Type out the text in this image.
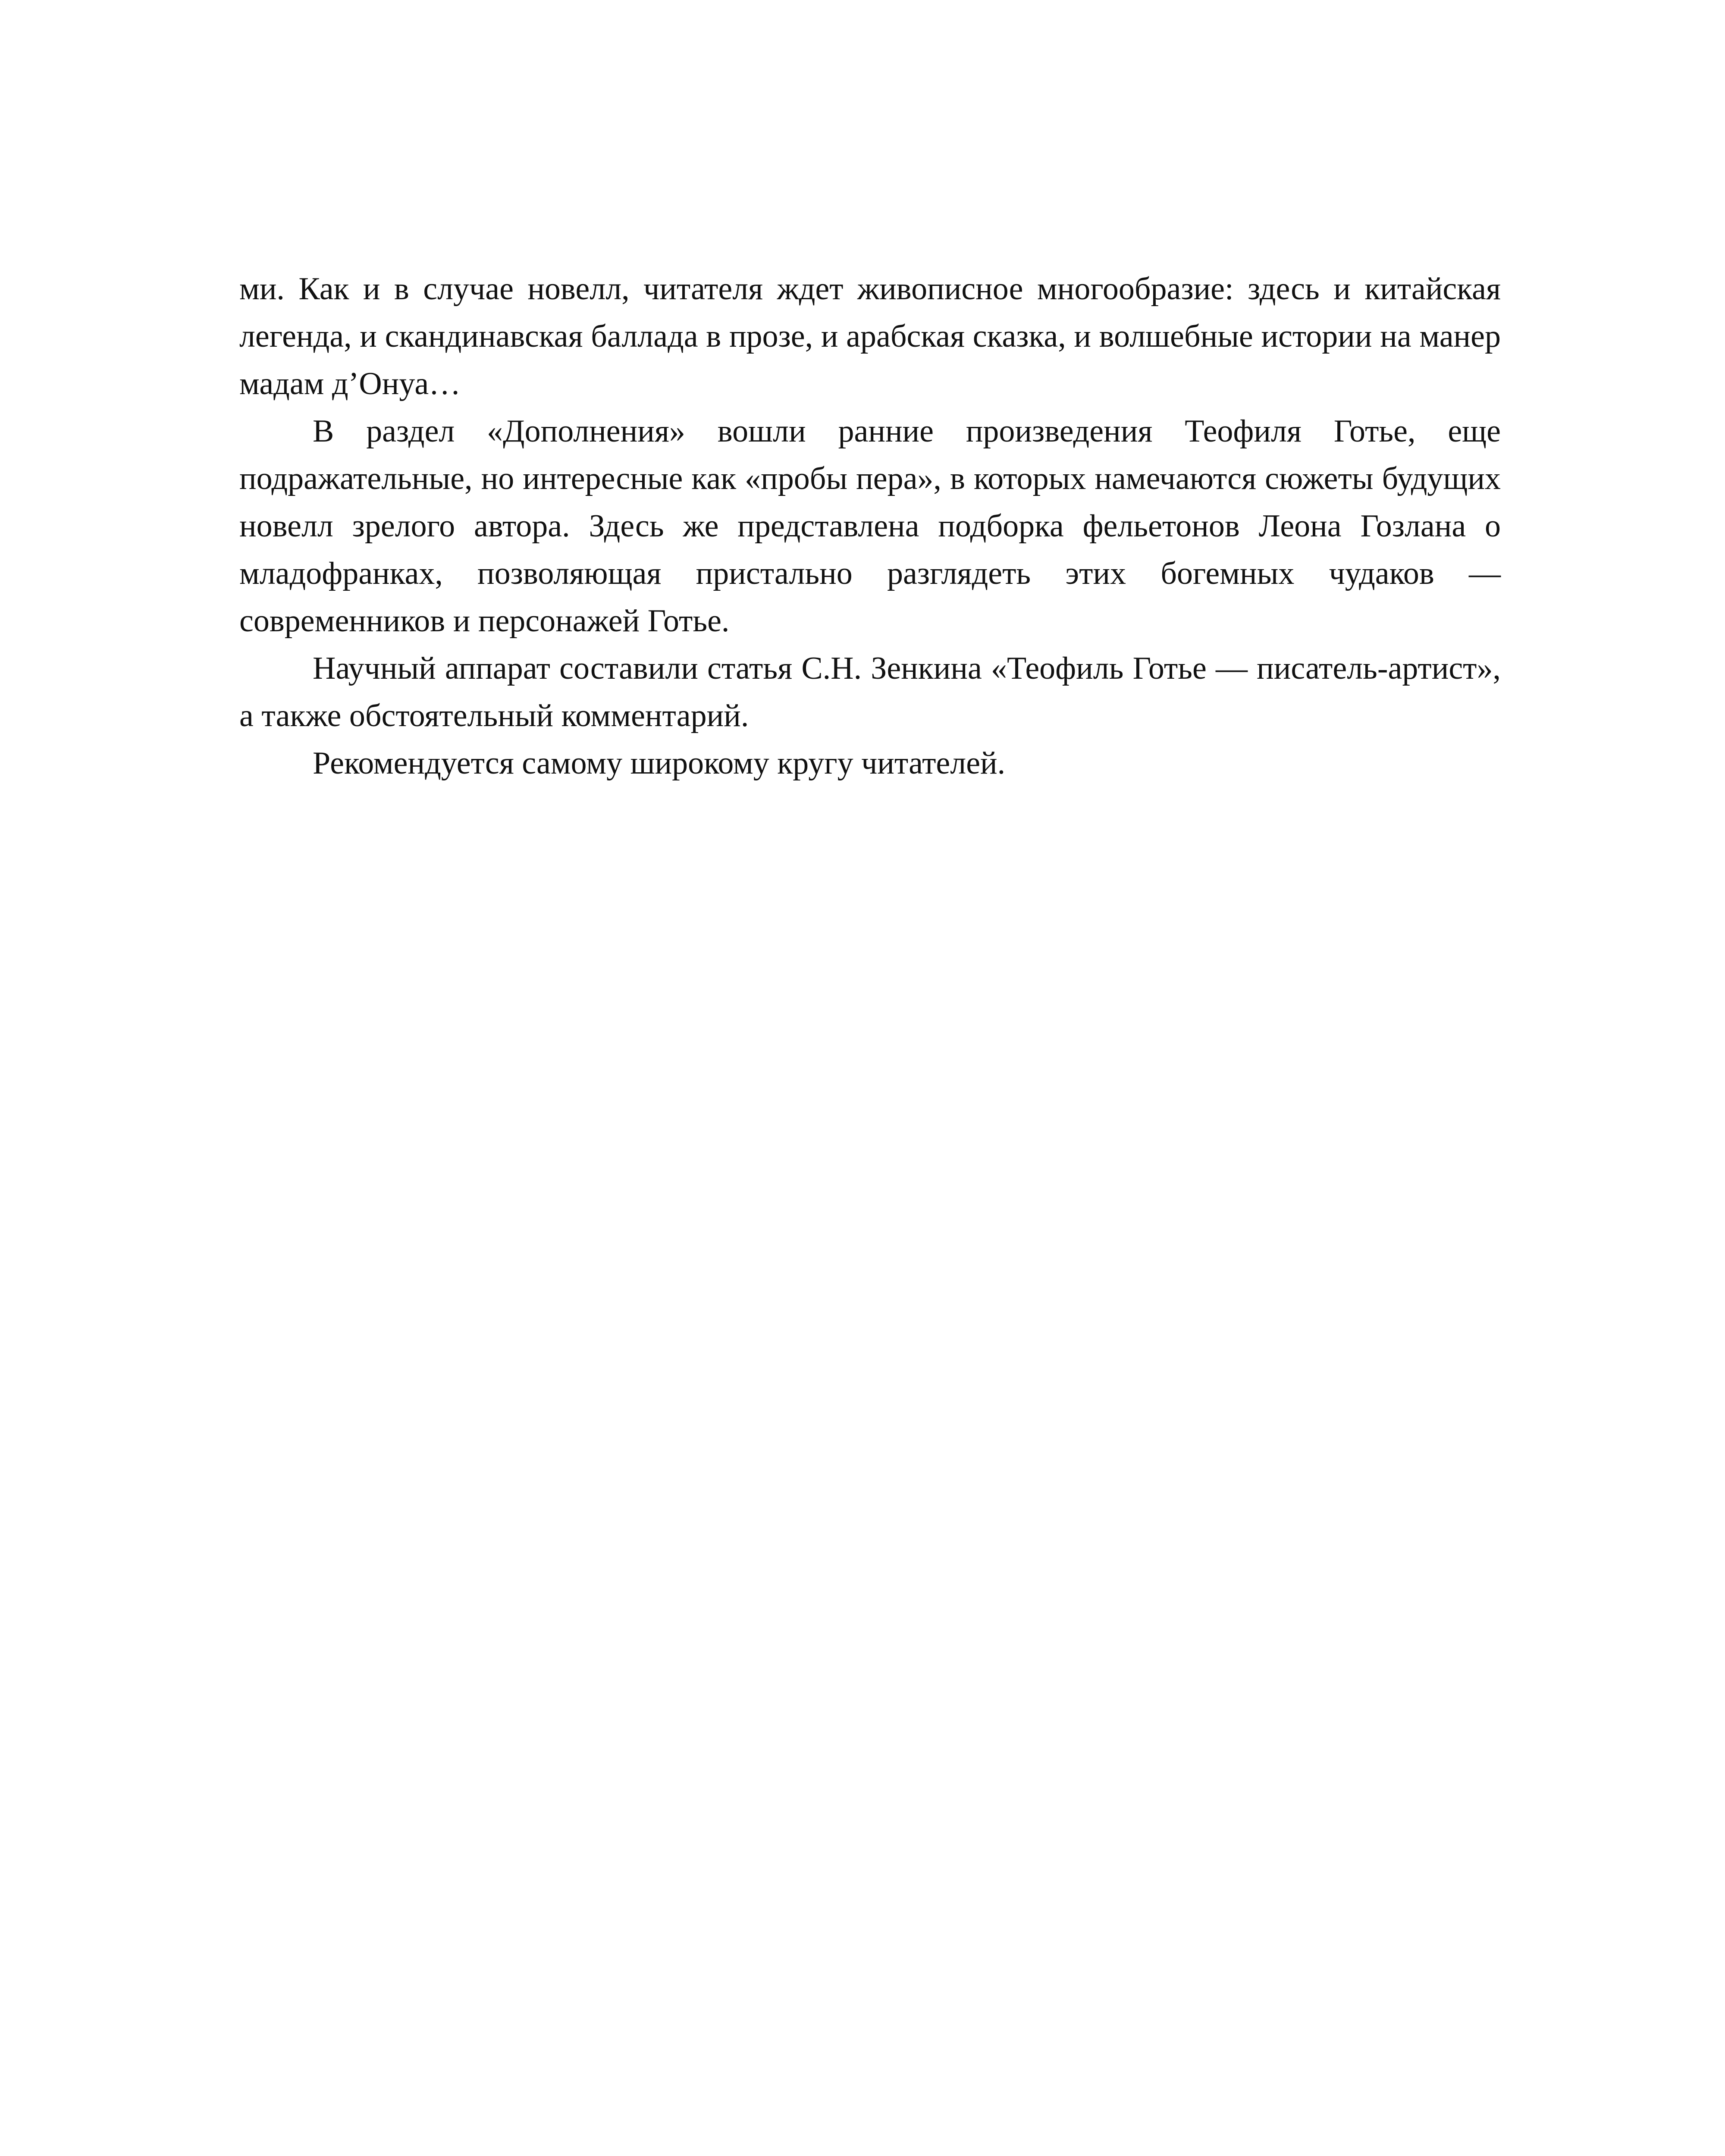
ми. Как и в случае новелл, читателя ждет живописное многообразие: здесь и китайская легенда, и скандинавская баллада в прозе, и арабская сказка, и волшебные истории на манер мадам д’Онуа…

В раздел «Дополнения» вошли ранние произведения Теофиля Готье, еще подражательные, но интересные как «пробы пера», в которых намечаются сюжеты будущих новелл зрелого автора. Здесь же представлена подборка фельетонов Леона Гозлана о младофранках, позволяющая пристально разглядеть этих богемных чудаков — современников и персонажей Готье.

Научный аппарат составили статья С.Н. Зенкина «Теофиль Готье — писатель-артист», а также обстоятельный комментарий.

Рекомендуется самому широкому кругу читателей.
